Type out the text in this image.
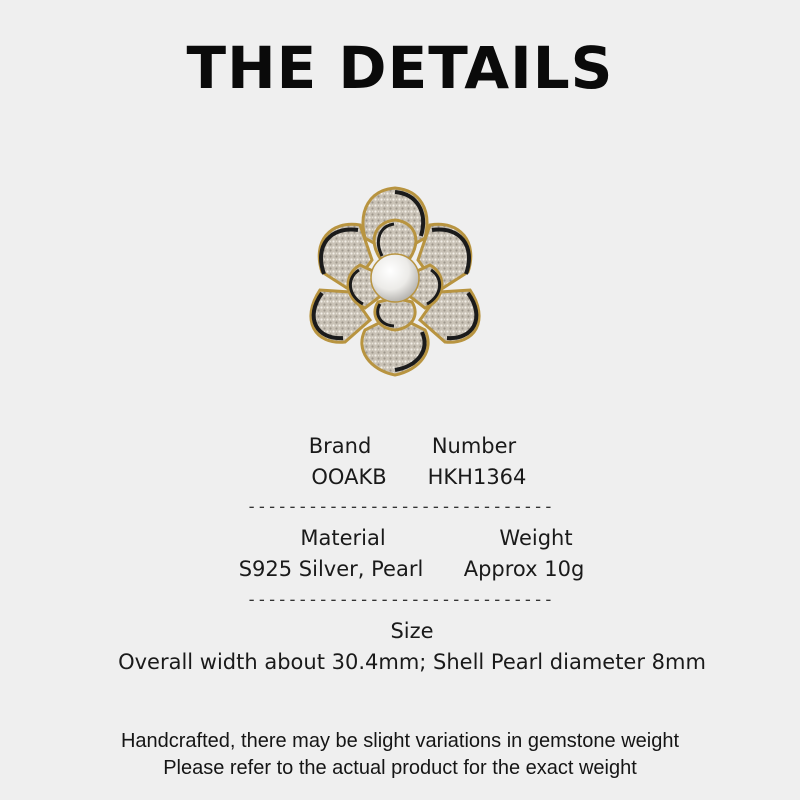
THE DETAILS
Brand	Number
OOAKB HKH1364
------------------------------
Material	Weight
S925 Silver, Pearl Approx 10g
------------------------------
Size
Overall width about 30.4mm; Shell Pearl diameter 8mm
Handcrafted, there may be slight variations in gemstone weight
Please refer to the actual product for the exact weight
